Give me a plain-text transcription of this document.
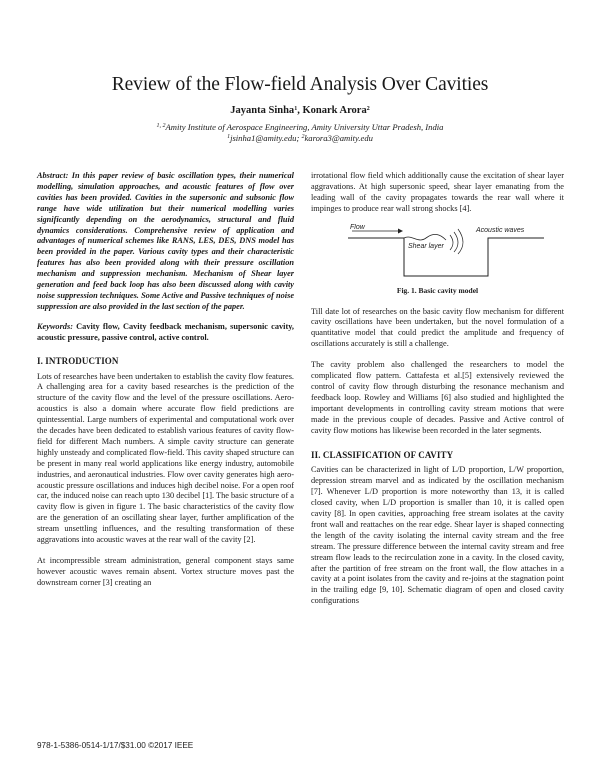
Review of the Flow-field Analysis Over Cavities
Jayanta Sinha$^1$, Konark Arora$^2$
$^{1, 2}$Amity Institute of Aerospace Engineering, Amity University Uttar Pradesh, India
$^1$jsinha1@amity.edu; $^2$karora3@amity.edu
Abstract: In this paper review of basic oscillation types, their numerical modelling, simulation approaches, and acoustic features of flow over cavities has been provided. Cavities in the supersonic and subsonic flow range have wide utilization but their numerical modelling varies significantly depending on the aerodynamics, structural and fluid dynamics considerations. Comprehensive review of application and advantages of numerical schemes like RANS, LES, DES, DNS model has been provided in the paper. Various cavity types and their characteristic features has also been provided along with their pressure oscillation mechanism and suppression mechanism. Mechanism of Shear layer generation and feed back loop has also been discussed along with cavity noise suppression techniques. Some Active and Passive techniques of noise suppression are also provided in the last section of the paper.
Keywords: Cavity flow, Cavity feedback mechanism, supersonic cavity, acoustic pressure, passive control, active control.
I. INTRODUCTION

Lots of researches have been undertaken to establish the cavity flow features. A challenging area for a cavity based researches is the prediction of the structure of the cavity flow and the level of the pressure oscillations. Aero-acoustics is also a domain where accurate flow field predictions are quintessential. Large numbers of experimental and computational work over the decades have been dedicated to establish various features of cavity flow-field for different Mach numbers. A simple cavity structure can generate highly unsteady and complicated flow-field. This cavity shaped structure can be present in many real world applications like energy industry, automobile industries, and aeronautical industries. Flow over cavity generates high aero-acoustic pressure oscillations and induces high decibel noise. For a open roof car, the induced noise can reach upto 130 decibel [1]. The basic structure of a cavity flow is given in figure 1. The basic characteristics of the cavity flow are the generation of an oscillating shear layer, further amplification of the stream unsettling influences, and the resulting transformation of these aggravations into acoustic waves at the rear wall of the cavity [2].

At incompressible stream administration, general component stays same however acoustic waves remain absent. Vortex structure moves past the downstream corner [3] creating an

irrotational flow field which additionally cause the excitation of shear layer aggravations. At high supersonic speed, shear layer emanating from the leading wall of the cavity propagates towards the rear wall where it impinges to produce rear wall strong shocks [4].

Flow
Shear layer
Acoustic waves
Fig. 1. Basic cavity model

Till date lot of researches on the basic cavity flow mechanism for different cavity oscillations have been undertaken, but the novel formulation of a quantitative model that could predict the amplitude and frequency of oscillations accurately is still a challenge.

The cavity problem also challenged the researchers to model the complicated flow pattern. Cattafesta et al.[5] extensively reviewed the control of cavity flow through disturbing the resonance mechanism and feedback loop. Rowley and Williams [6] also studied and highlighted the important developments in controlling cavity stream motions that were made in the previous couple of decades. Passive and Active control of cavity flow motions has likewise been recorded in the later segments.

II. CLASSIFICATION OF CAVITY

Cavities can be characterized in light of L/D proportion, L/W proportion, depression stream marvel and as indicated by the oscillation mechanism [7]. Whenever L/D proportion is more noteworthy than 13, it is called closed cavity, when L/D proportion is smaller than 10, it is called open cavity [8]. In open cavities, approaching free stream isolates at the cavity front wall and reattaches on the rear edge. Shear layer is shaped connecting the length of the cavity isolating the internal cavity stream and the free stream. The pressure difference between the internal cavity stream and free stream flow leads to the recirculation zone in a cavity. In the closed cavity, after the partition of free stream on the front wall, the flow attaches in a cavity at a point isolates from the cavity and re-joins at the stagnation point in the trailing edge [9, 10]. Schematic diagram of open and closed cavity configurations

978-1-5386-0514-1/17/$31.00 ©2017 IEEE
